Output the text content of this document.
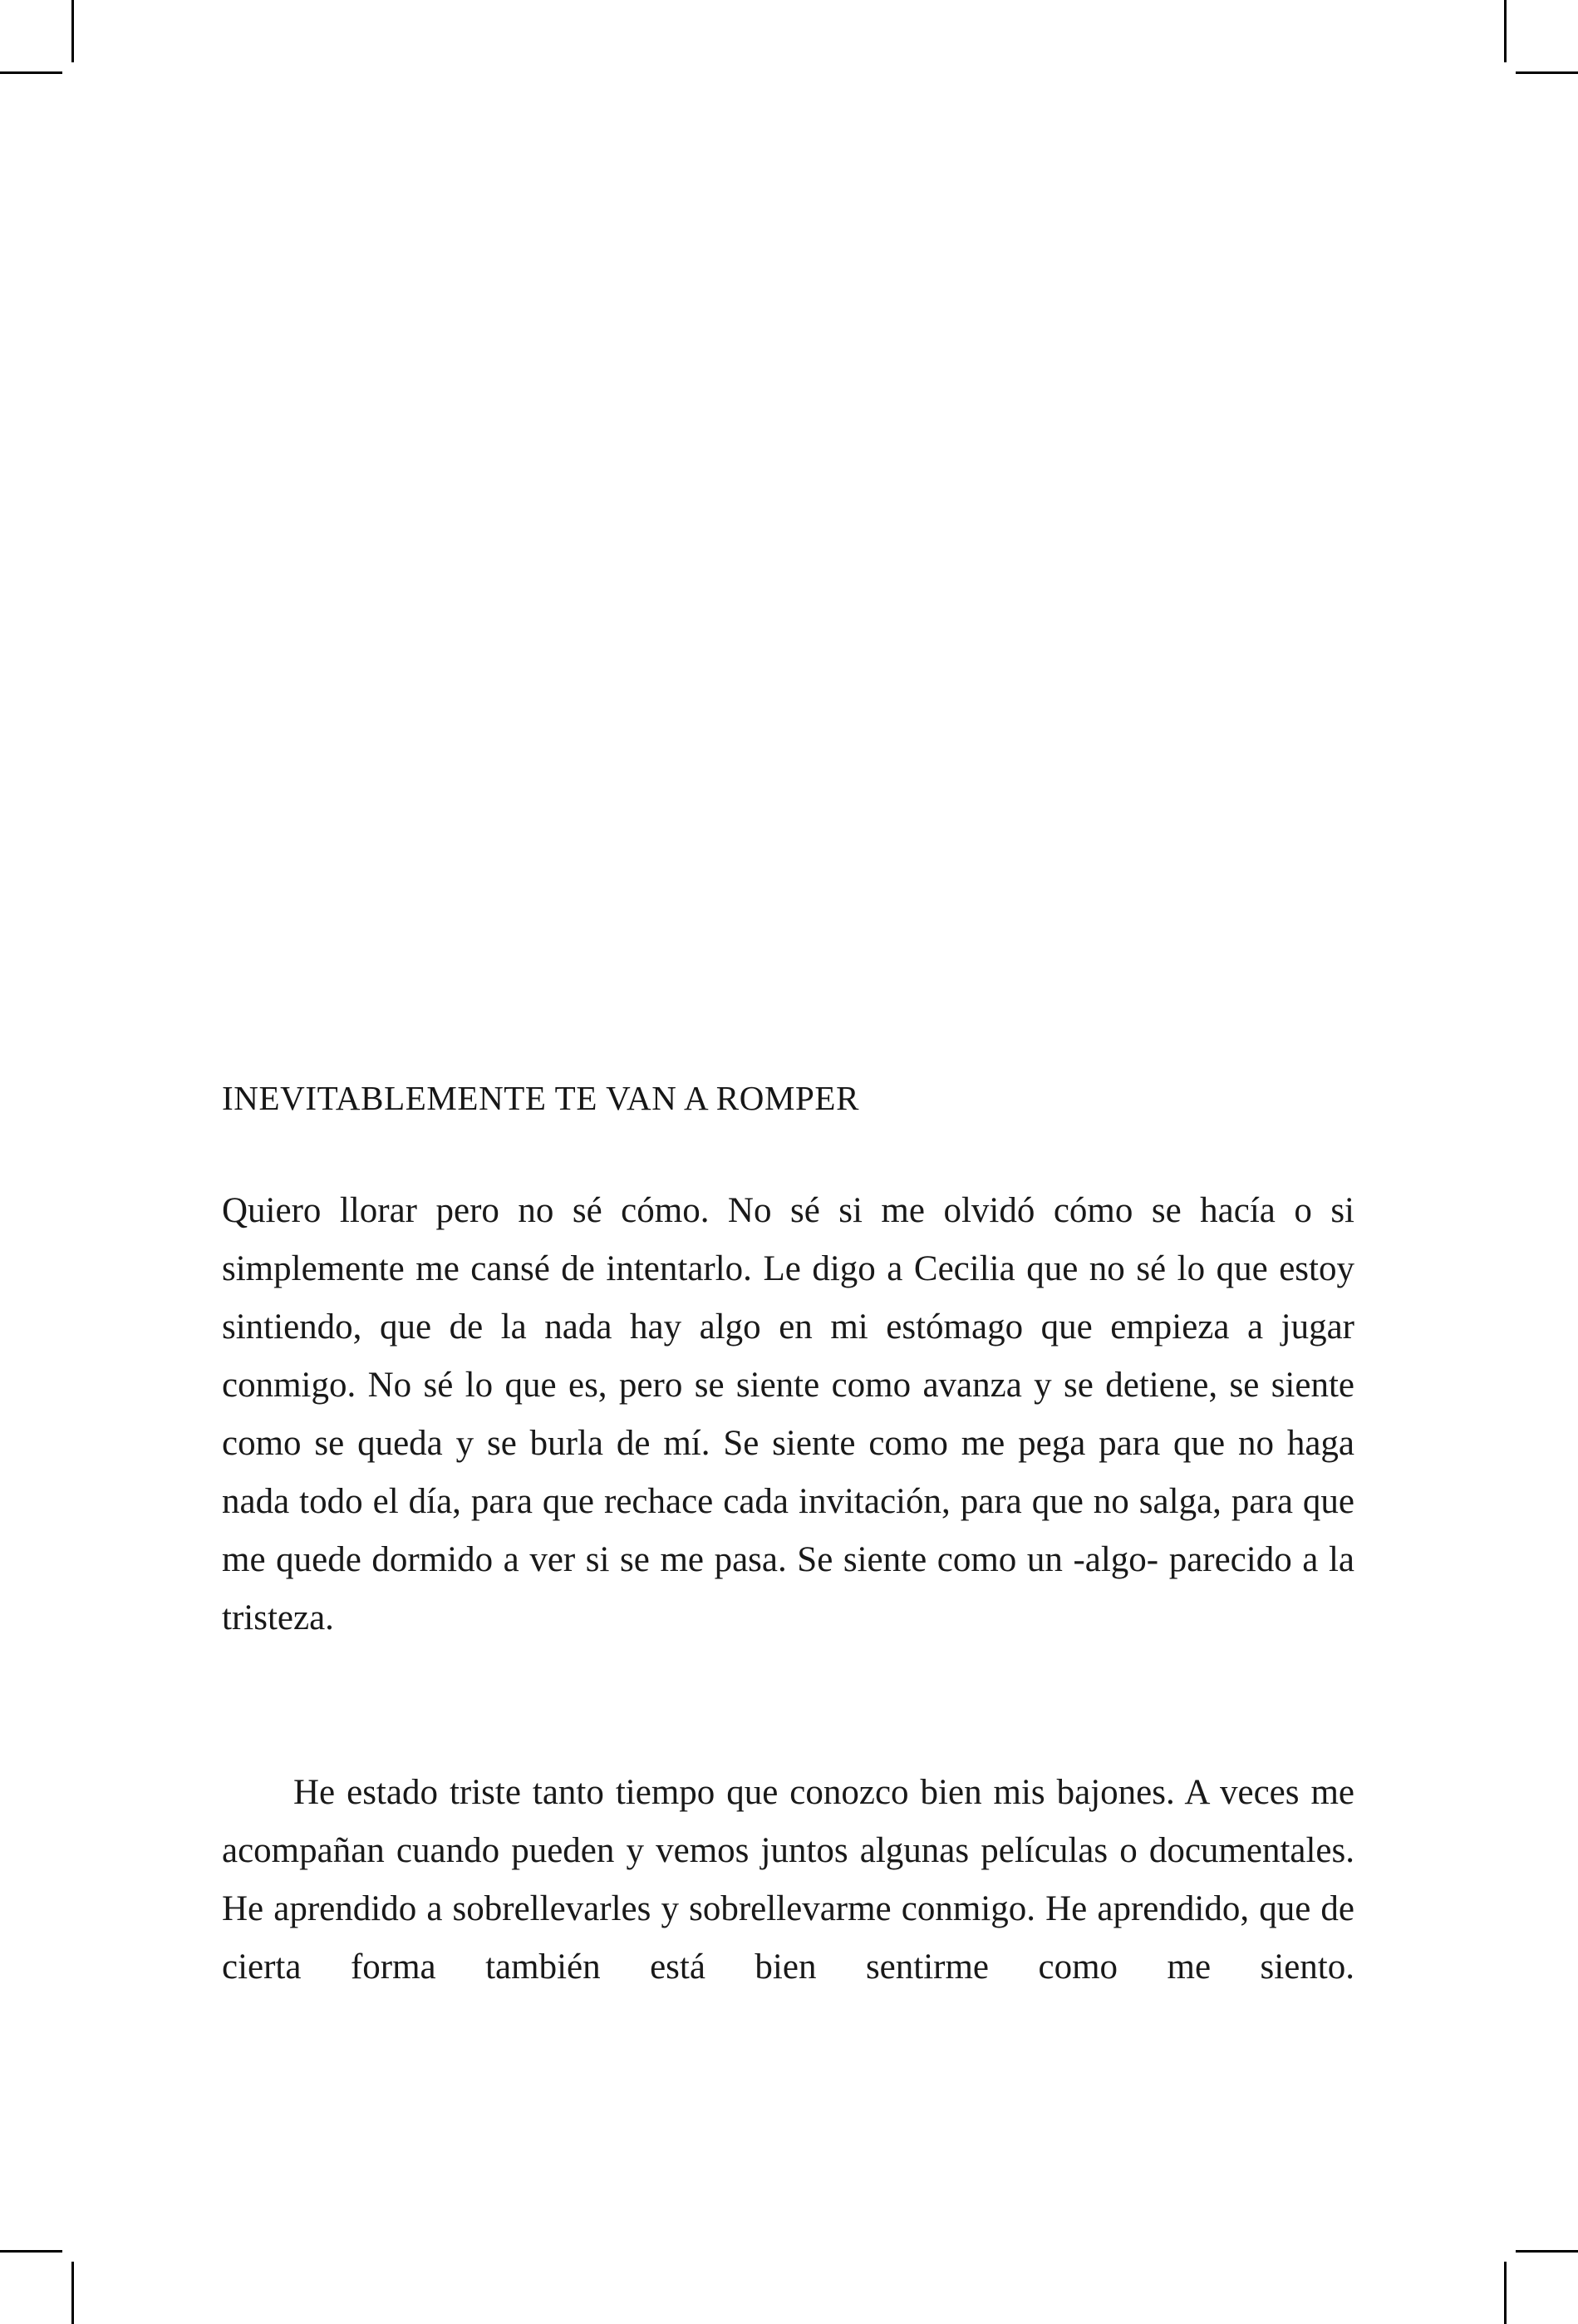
INEVITABLEMENTE TE VAN A ROMPER

Quiero llorar pero no sé cómo. No sé si me olvidó cómo se hacía o si simplemente me cansé de intentarlo. Le digo a Cecilia que no sé lo que estoy sintiendo, que de la nada hay algo en mi estómago que empieza a jugar conmigo. No sé lo que es, pero se siente como avanza y se detiene, se siente como se queda y se burla de mí. Se siente como me pega para que no haga nada todo el día, para que rechace cada invitación, para que no salga, para que me quede dormido a ver si se me pasa. Se siente como un -algo- parecido a la tristeza.

He estado triste tanto tiempo que conozco bien mis bajones. A veces me acompañan cuando pueden y vemos juntos algunas películas o documentales. He aprendido a sobrellevarles y sobrellevarme conmigo. He aprendido, que de cierta forma también está bien sentirme como me siento.
